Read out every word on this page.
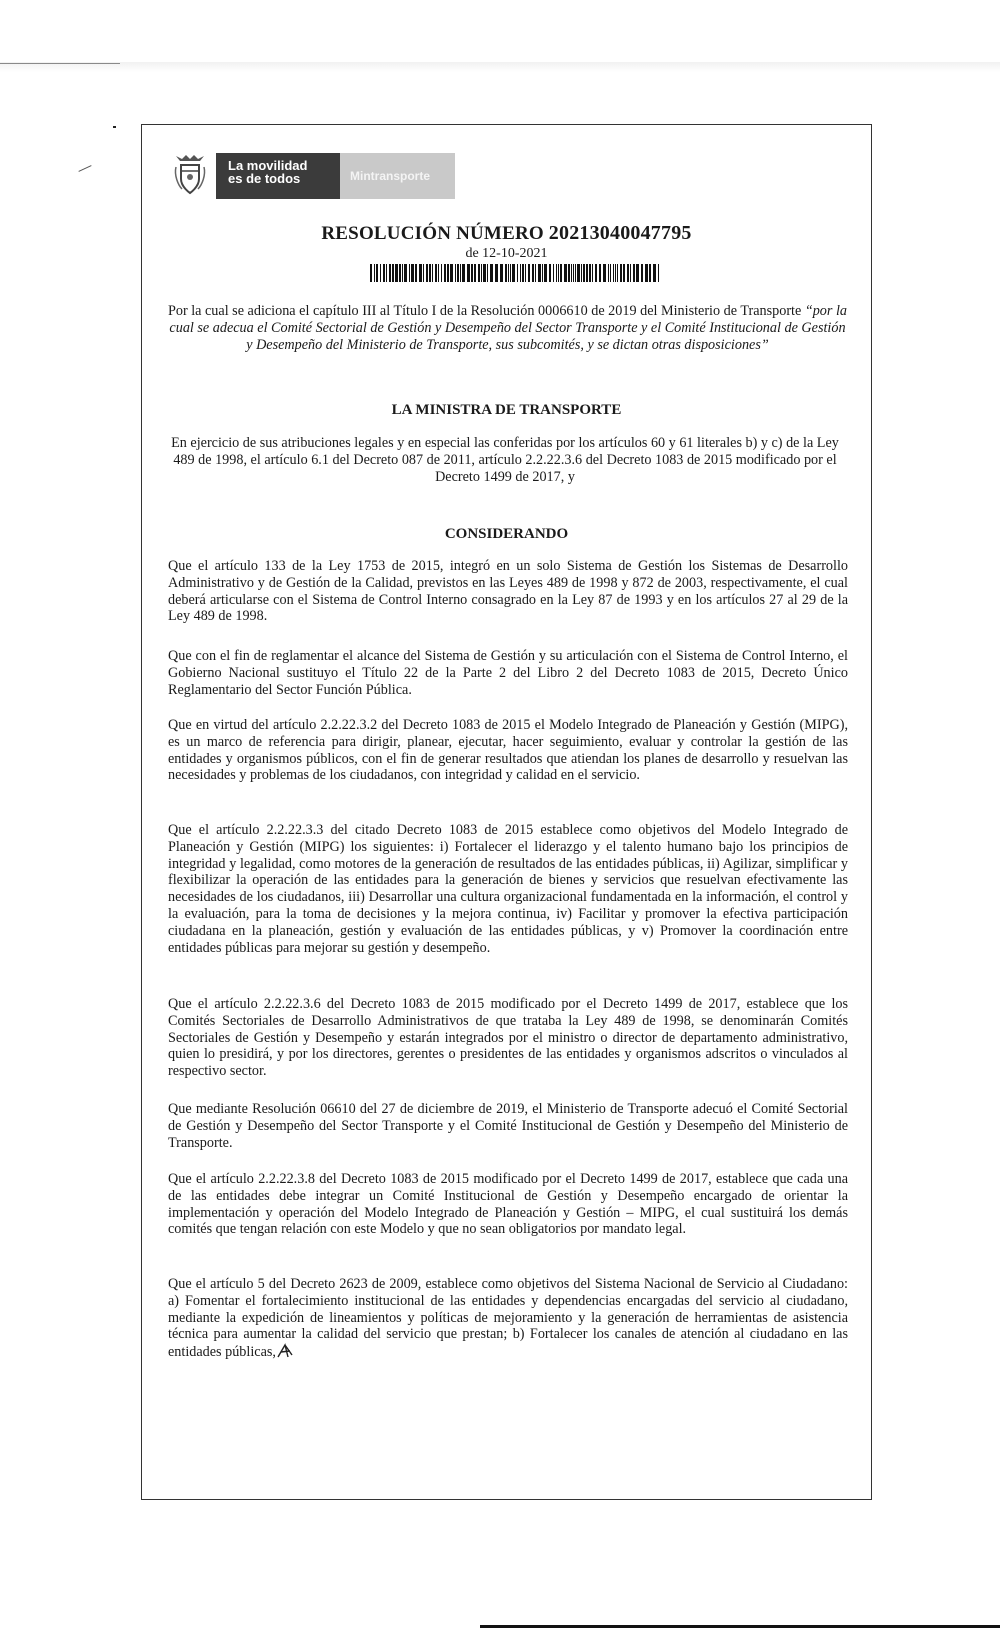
La movilidad
es de todos	Mintransporte
RESOLUCIÓN NÚMERO 20213040047795
de 12-10-2021
Por la cual se adiciona el capítulo III al Título I de la Resolución 0006610 de 2019 del Ministerio de Transporte “por la cual se adecua el Comité Sectorial de Gestión y Desempeño del Sector Transporte y el Comité Institucional de Gestión y Desempeño del Ministerio de Transporte, sus subcomités, y se dictan otras disposiciones”
LA MINISTRA DE TRANSPORTE
En ejercicio de sus atribuciones legales y en especial las conferidas por los artículos 60 y 61 literales b) y c) de la Ley 489 de 1998, el artículo 6.1 del Decreto 087 de 2011, artículo 2.2.22.3.6 del Decreto 1083 de 2015 modificado por el Decreto 1499 de 2017, y
CONSIDERANDO
Que el artículo 133 de la Ley 1753 de 2015, integró en un solo Sistema de Gestión los Sistemas de Desarrollo Administrativo y de Gestión de la Calidad, previstos en las Leyes 489 de 1998 y 872 de 2003, respectivamente, el cual deberá articularse con el Sistema de Control Interno consagrado en la Ley 87 de 1993 y en los artículos 27 al 29 de la Ley 489 de 1998.
Que con el fin de reglamentar el alcance del Sistema de Gestión y su articulación con el Sistema de Control Interno, el Gobierno Nacional sustituyo el Título 22 de la Parte 2 del Libro 2 del Decreto 1083 de 2015, Decreto Único Reglamentario del Sector Función Pública.
Que en virtud del artículo 2.2.22.3.2 del Decreto 1083 de 2015 el Modelo Integrado de Planeación y Gestión (MIPG), es un marco de referencia para dirigir, planear, ejecutar, hacer seguimiento, evaluar y controlar la gestión de las entidades y organismos públicos, con el fin de generar resultados que atiendan los planes de desarrollo y resuelvan las necesidades y problemas de los ciudadanos, con integridad y calidad en el servicio.
Que el artículo 2.2.22.3.3 del citado Decreto 1083 de 2015 establece como objetivos del Modelo Integrado de Planeación y Gestión (MIPG) los siguientes: i) Fortalecer el liderazgo y el talento humano bajo los principios de integridad y legalidad, como motores de la generación de resultados de las entidades públicas, ii) Agilizar, simplificar y flexibilizar la operación de las entidades para la generación de bienes y servicios que resuelvan efectivamente las necesidades de los ciudadanos, iii) Desarrollar una cultura organizacional fundamentada en la información, el control y la evaluación, para la toma de decisiones y la mejora continua, iv) Facilitar y promover la efectiva participación ciudadana en la planeación, gestión y evaluación de las entidades públicas, y v) Promover la coordinación entre entidades públicas para mejorar su gestión y desempeño.
Que el artículo 2.2.22.3.6 del Decreto 1083 de 2015 modificado por el Decreto 1499 de 2017, establece que los Comités Sectoriales de Desarrollo Administrativos de que trataba la Ley 489 de 1998, se denominarán Comités Sectoriales de Gestión y Desempeño y estarán integrados por el ministro o director de departamento administrativo, quien lo presidirá, y por los directores, gerentes o presidentes de las entidades y organismos adscritos o vinculados al respectivo sector.
Que mediante Resolución 06610 del 27 de diciembre de 2019, el Ministerio de Transporte adecuó el Comité Sectorial de Gestión y Desempeño del Sector Transporte y el Comité Institucional de Gestión y Desempeño del Ministerio de Transporte.
Que el artículo 2.2.22.3.8 del Decreto 1083 de 2015 modificado por el Decreto 1499 de 2017, establece que cada una de las entidades debe integrar un Comité Institucional de Gestión y Desempeño encargado de orientar la implementación y operación del Modelo Integrado de Planeación y Gestión – MIPG, el cual sustituirá los demás comités que tengan relación con este Modelo y que no sean obligatorios por mandato legal.
Que el artículo 5 del Decreto 2623 de 2009, establece como objetivos del Sistema Nacional de Servicio al Ciudadano: a) Fomentar el fortalecimiento institucional de las entidades y dependencias encargadas del servicio al ciudadano, mediante la expedición de lineamientos y políticas de mejoramiento y la generación de herramientas de asistencia técnica para aumentar la calidad del servicio que prestan; b) Fortalecer los canales de atención al ciudadano en las entidades públicas,
